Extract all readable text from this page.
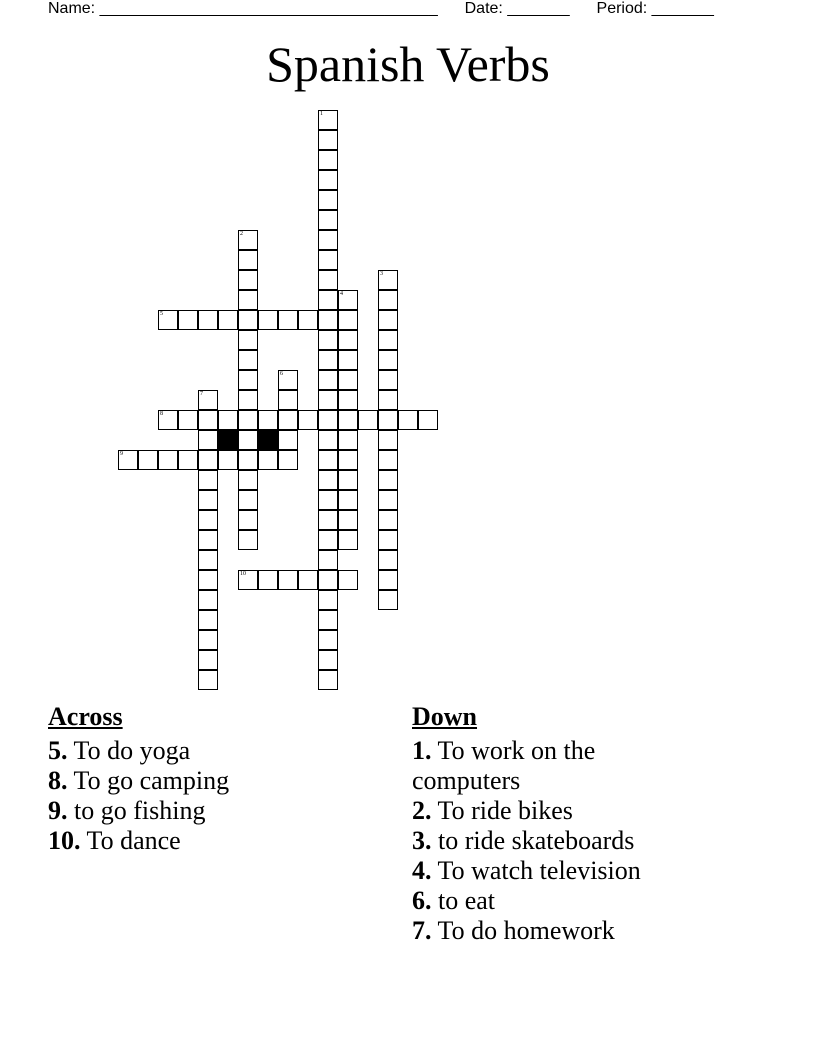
Name: ______________________________________ Date: _______ Period: _______
Spanish Verbs
1
2
3
4
5
6
7
8
9
10
Across
5. To do yoga
8. To go camping
9. to go fishing
10. To dance
Down
1. To work on the computers
2. To ride bikes
3. to ride skateboards
4. To watch television
6. to eat
7. To do homework
